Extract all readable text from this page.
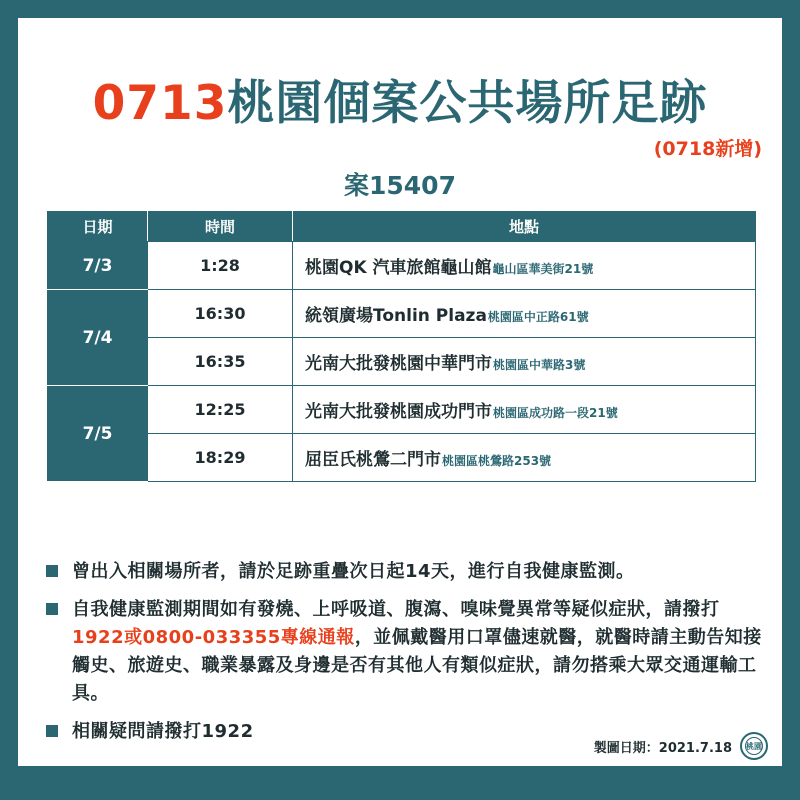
0713桃園個案公共場所足跡
(0718新增)
案15407
日期	時間	地點
7/3	1:28	桃園QK 汽車旅館龜山館龜山區華美街21號
7/4	16:30	統領廣場Tonlin Plaza桃園區中正路61號
	16:35	光南大批發桃園中華門市桃園區中華路3號
7/5	12:25	光南大批發桃園成功門市桃園區成功路一段21號
	18:29	屈臣氏桃鶯二門市桃園區桃鶯路253號
曾出入相關場所者，請於足跡重疊次日起14天，進行自我健康監測。
自我健康監測期間如有發燒、上呼吸道、腹瀉、嗅味覺異常等疑似症狀，請撥打1922或0800-033355專線通報，並佩戴醫用口罩儘速就醫，就醫時請主動告知接觸史、旅遊史、職業暴露及身邊是否有其他人有類似症狀，請勿搭乘大眾交通運輸工具。
相關疑問請撥打1922
製圖日期：2021.7.18 桃園
